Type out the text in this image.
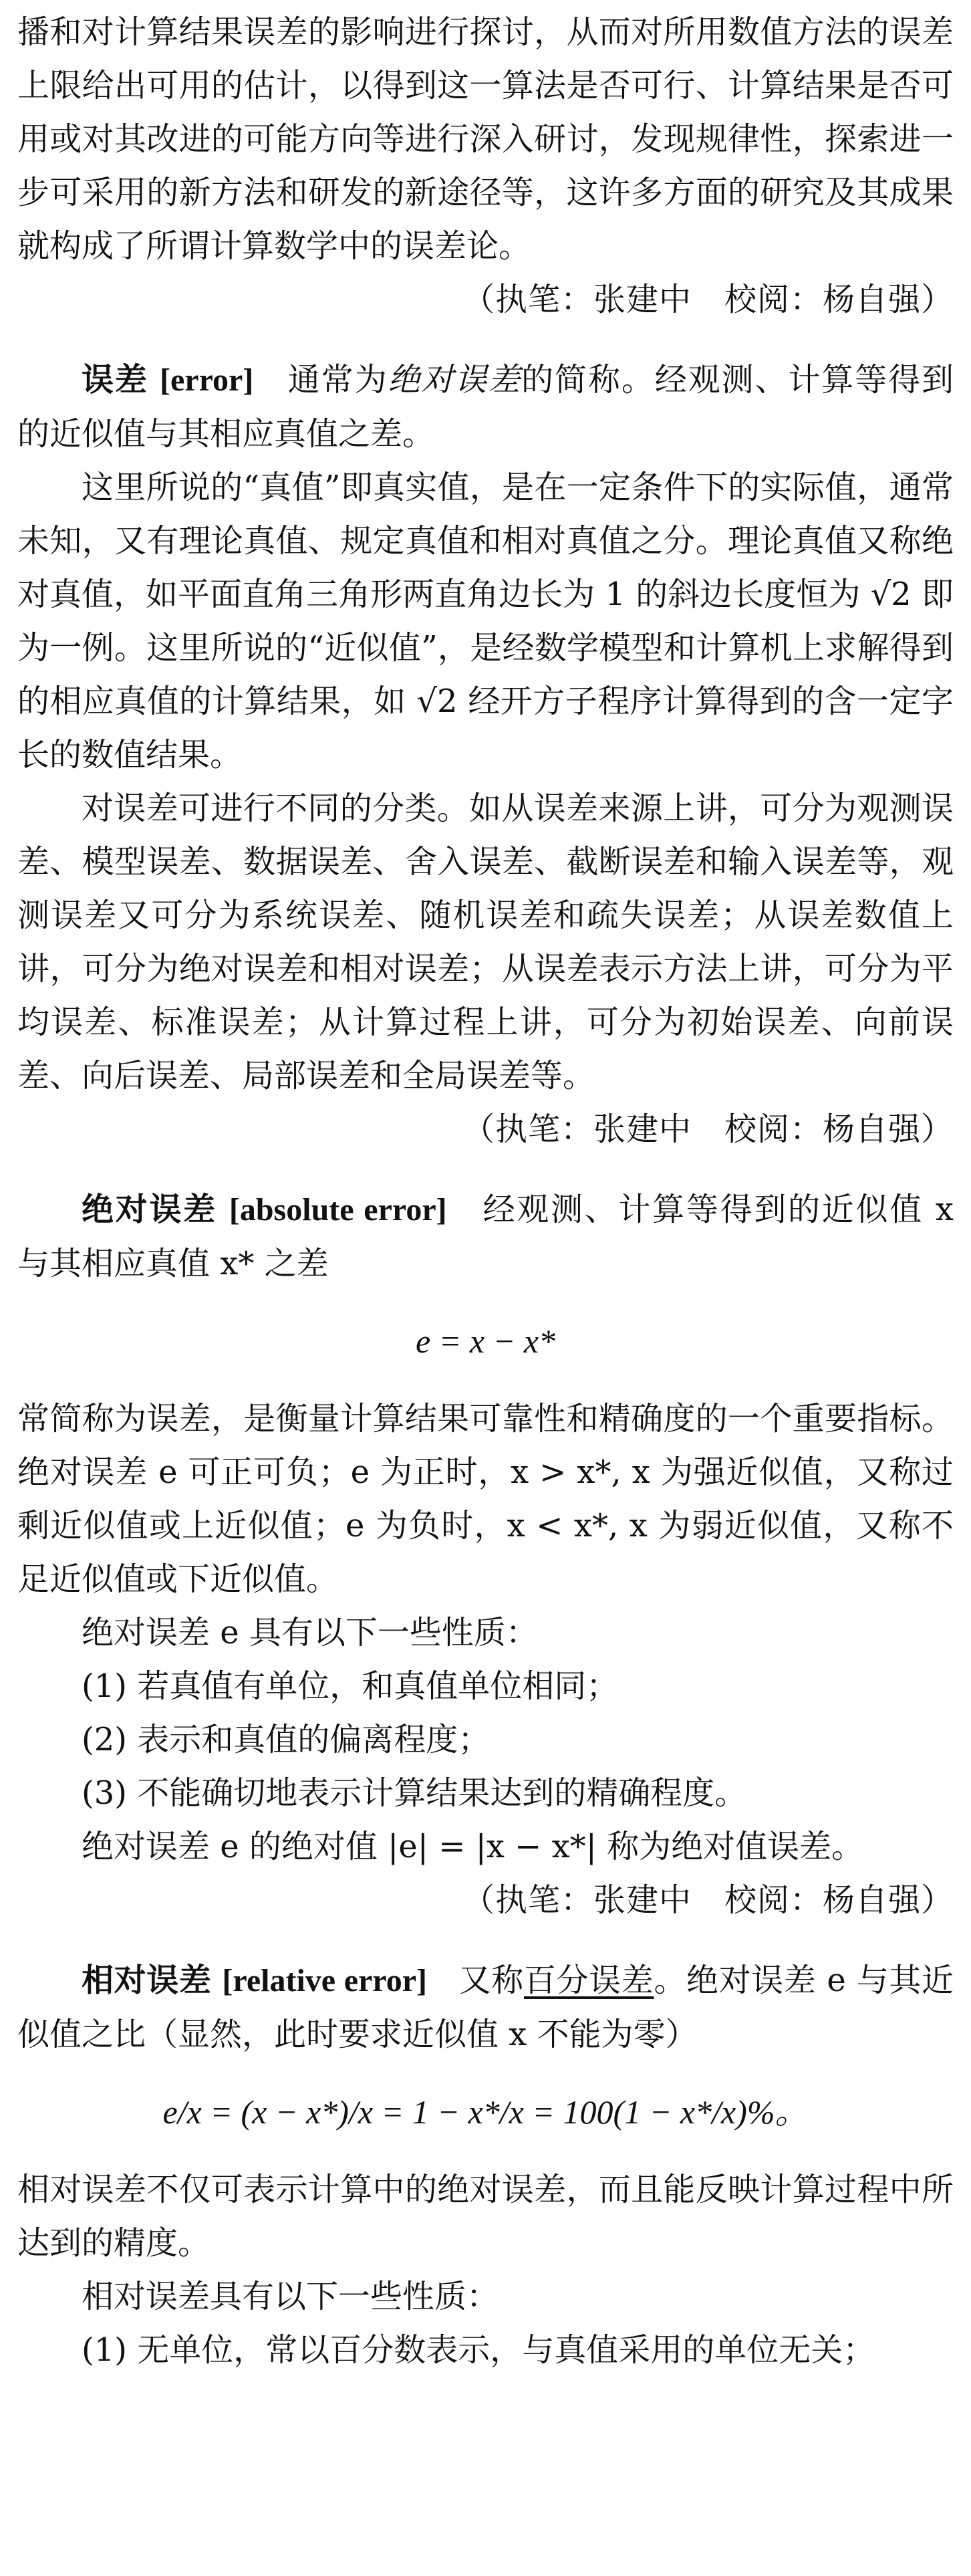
播和对计算结果误差的影响进行探讨，从而对所用数值方法的误差上限给出可用的估计，以得到这一算法是否可行、计算结果是否可用或对其改进的可能方向等进行深入研讨，发现规律性，探索进一步可采用的新方法和研发的新途径等，这许多方面的研究及其成果就构成了所谓计算数学中的误差论。

（执笔：张建中　校阅：杨自强）

误差 [error] 通常为绝对误差的简称。经观测、计算等得到的近似值与其相应真值之差。

这里所说的“真值”即真实值，是在一定条件下的实际值，通常未知，又有理论真值、规定真值和相对真值之分。理论真值又称绝对真值，如平面直角三角形两直角边长为 1 的斜边长度恒为 √2 即为一例。这里所说的“近似值”，是经数学模型和计算机上求解得到的相应真值的计算结果，如 √2 经开方子程序计算得到的含一定字长的数值结果。

对误差可进行不同的分类。如从误差来源上讲，可分为观测误差、模型误差、数据误差、舍入误差、截断误差和输入误差等，观测误差又可分为系统误差、随机误差和疏失误差；从误差数值上讲，可分为绝对误差和相对误差；从误差表示方法上讲，可分为平均误差、标准误差；从计算过程上讲，可分为初始误差、向前误差、向后误差、局部误差和全局误差等。

（执笔：张建中　校阅：杨自强）

绝对误差 [absolute error] 经观测、计算等得到的近似值 x 与其相应真值 x* 之差

e = x − x*

常简称为误差，是衡量计算结果可靠性和精确度的一个重要指标。绝对误差 e 可正可负；e 为正时，x > x*, x 为强近似值，又称过剩近似值或上近似值；e 为负时，x < x*, x 为弱近似值，又称不足近似值或下近似值。

绝对误差 e 具有以下一些性质：

(1) 若真值有单位，和真值单位相同；

(2) 表示和真值的偏离程度；

(3) 不能确切地表示计算结果达到的精确程度。

绝对误差 e 的绝对值 |e| = |x − x*| 称为绝对值误差。

（执笔：张建中　校阅：杨自强）

相对误差 [relative error] 又称百分误差。绝对误差 e 与其近似值之比（显然，此时要求近似值 x 不能为零）

e/x = (x − x*)/x = 1 − x*/x = 100(1 − x*/x)%。

相对误差不仅可表示计算中的绝对误差，而且能反映计算过程中所达到的精度。

相对误差具有以下一些性质：

(1) 无单位，常以百分数表示，与真值采用的单位无关；
